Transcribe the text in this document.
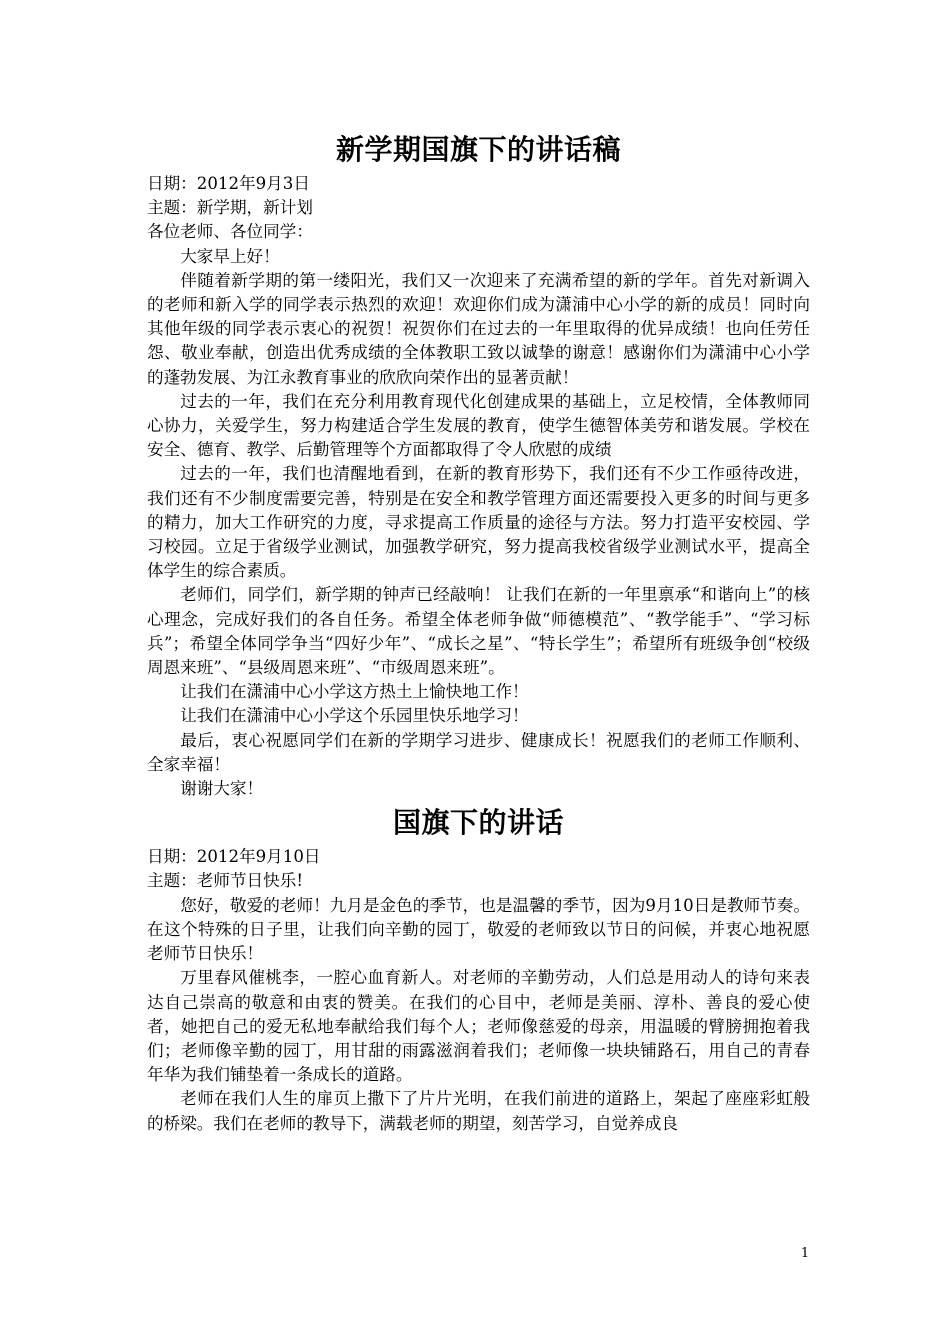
新学期国旗下的讲话稿

日期：2012年9月3日

主题：新学期，新计划

各位老师、各位同学：

大家早上好！

伴随着新学期的第一缕阳光，我们又一次迎来了充满希望的新的学年。首先对新调入的老师和新入学的同学表示热烈的欢迎！欢迎你们成为潇浦中心小学的新的成员！同时向其他年级的同学表示衷心的祝贺！祝贺你们在过去的一年里取得的优异成绩！也向任劳任怨、敬业奉献，创造出优秀成绩的全体教职工致以诚挚的谢意！感谢你们为潇浦中心小学的蓬勃发展、为江永教育事业的欣欣向荣作出的显著贡献！

过去的一年，我们在充分利用教育现代化创建成果的基础上，立足校情，全体教师同心协力，关爱学生，努力构建适合学生发展的教育，使学生德智体美劳和谐发展。学校在安全、德育、教学、后勤管理等个方面都取得了令人欣慰的成绩

过去的一年，我们也清醒地看到，在新的教育形势下，我们还有不少工作亟待改进，我们还有不少制度需要完善，特别是在安全和教学管理方面还需要投入更多的时间与更多的精力，加大工作研究的力度，寻求提高工作质量的途径与方法。努力打造平安校园、学习校园。立足于省级学业测试，加强教学研究，努力提高我校省级学业测试水平，提高全体学生的综合素质。

老师们，同学们，新学期的钟声已经敲响！ 让我们在新的一年里禀承“和谐向上”的核心理念，完成好我们的各自任务。希望全体老师争做“师德模范”、“教学能手”、“学习标兵”；希望全体同学争当“四好少年”、“成长之星”、“特长学生”；希望所有班级争创“校级周恩来班”、“县级周恩来班”、“市级周恩来班”。

让我们在潇浦中心小学这方热土上愉快地工作！

让我们在潇浦中心小学这个乐园里快乐地学习！

最后，衷心祝愿同学们在新的学期学习进步、健康成长！祝愿我们的老师工作顺利、全家幸福！

谢谢大家！

国旗下的讲话

日期：2012年9月10日

主题：老师节日快乐!

您好，敬爱的老师！九月是金色的季节，也是温馨的季节，因为9月10日是教师节奏。在这个特殊的日子里，让我们向辛勤的园丁，敬爱的老师致以节日的问候，并衷心地祝愿老师节日快乐！

万里春风催桃李，一腔心血育新人。对老师的辛勤劳动，人们总是用动人的诗句来表达自己崇高的敬意和由衷的赞美。在我们的心目中，老师是美丽、淳朴、善良的爱心使者，她把自己的爱无私地奉献给我们每个人；老师像慈爱的母亲，用温暖的臂膀拥抱着我们；老师像辛勤的园丁，用甘甜的雨露滋润着我们；老师像一块块铺路石，用自己的青春年华为我们铺垫着一条成长的道路。

老师在我们人生的扉页上撒下了片片光明，在我们前进的道路上，架起了座座彩虹般的桥梁。我们在老师的教导下，满载老师的期望，刻苦学习，自觉养成良

1
